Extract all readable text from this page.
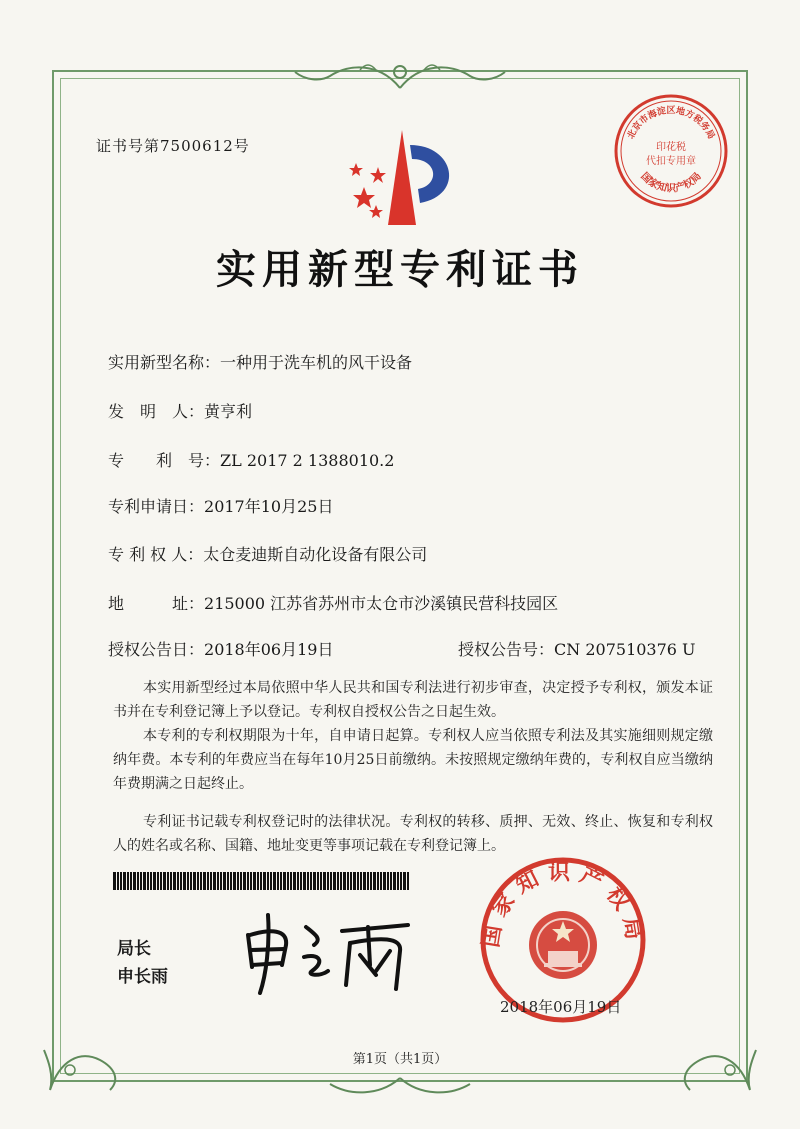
证书号第7500612号
北京市海淀区地方税务局
国家知识产权局
印花税
代扣专用章
实用新型专利证书
实用新型名称：一种用于洗车机的风干设备
发　明　人：黄亨利
专　　利　号：ZL 2017 2 1388010.2
专利申请日：2017年10月25日
专 利 权 人：太仓麦迪斯自动化设备有限公司
地　　　址：215000 江苏省苏州市太仓市沙溪镇民营科技园区
授权公告日：2018年06月19日	授权公告号：CN 207510376 U

本实用新型经过本局依照中华人民共和国专利法进行初步审查，决定授予专利权，颁发本证书并在专利登记簿上予以登记。专利权自授权公告之日起生效。

本专利的专利权期限为十年，自申请日起算。专利权人应当依照专利法及其实施细则规定缴纳年费。本专利的年费应当在每年10月25日前缴纳。未按照规定缴纳年费的，专利权自应当缴纳年费期满之日起终止。

专利证书记载专利权登记时的法律状况。专利权的转移、质押、无效、终止、恢复和专利权人的姓名或名称、国籍、地址变更等事项记载在专利登记簿上。

局长
申长雨
国家知识产权局
2018年06月19日
第1页（共1页）
